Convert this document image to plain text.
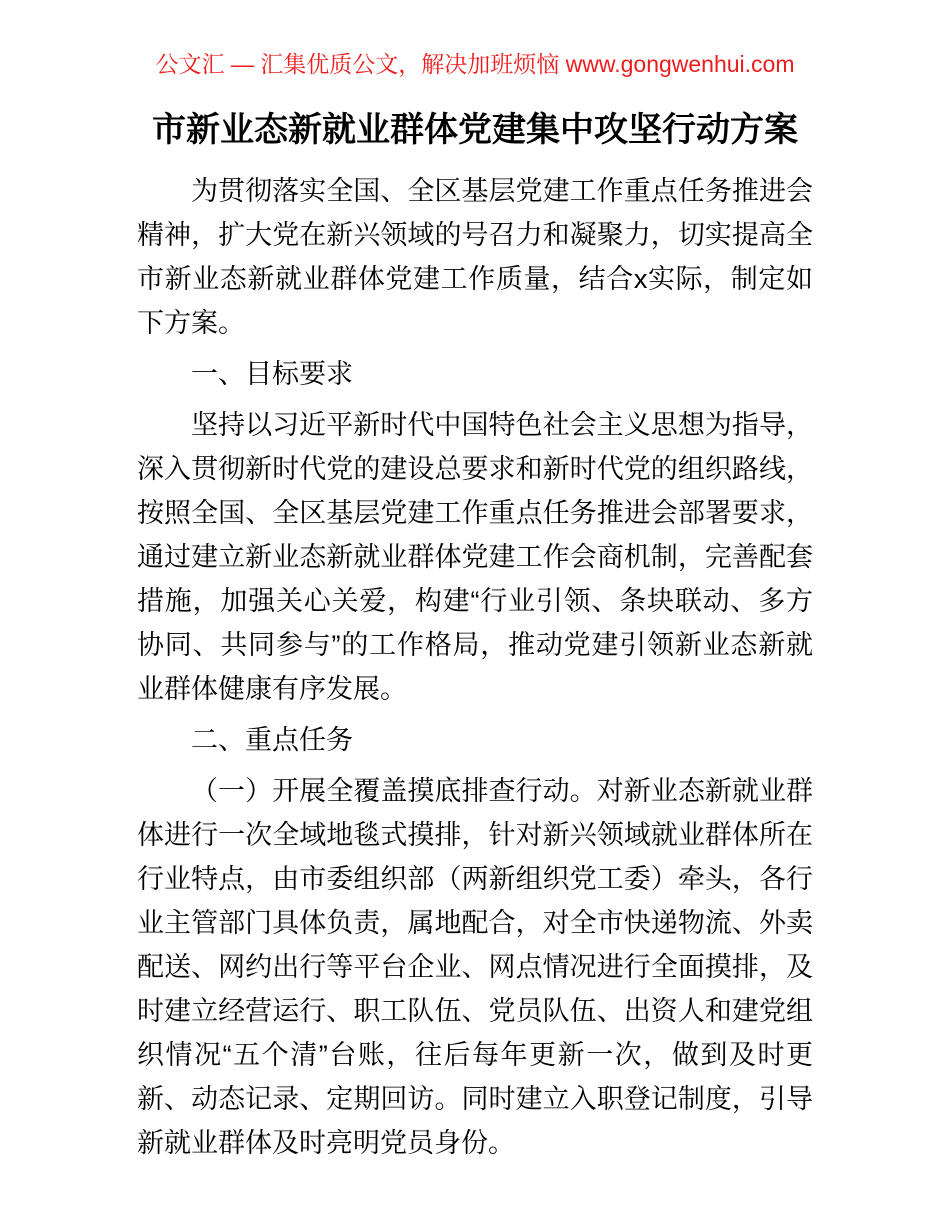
公文汇 — 汇集优质公文，解决加班烦恼 www.gongwenhui.com
市新业态新就业群体党建集中攻坚行动方案

为贯彻落实全国、全区基层党建工作重点任务推进会精神，扩大党在新兴领域的号召力和凝聚力，切实提高全市新业态新就业群体党建工作质量，结合x实际，制定如下方案。

一、目标要求

坚持以习近平新时代中国特色社会主义思想为指导，深入贯彻新时代党的建设总要求和新时代党的组织路线，按照全国、全区基层党建工作重点任务推进会部署要求，通过建立新业态新就业群体党建工作会商机制，完善配套措施，加强关心关爱，构建“行业引领、条块联动、多方协同、共同参与”的工作格局，推动党建引领新业态新就业群体健康有序发展。

二、重点任务

（一）开展全覆盖摸底排查行动。对新业态新就业群体进行一次全域地毯式摸排，针对新兴领域就业群体所在行业特点，由市委组织部（两新组织党工委）牵头，各行业主管部门具体负责，属地配合，对全市快递物流、外卖配送、网约出行等平台企业、网点情况进行全面摸排，及时建立经营运行、职工队伍、党员队伍、出资人和建党组织情况“五个清”台账，往后每年更新一次，做到及时更新、动态记录、定期回访。同时建立入职登记制度，引导新就业群体及时亮明党员身份。
